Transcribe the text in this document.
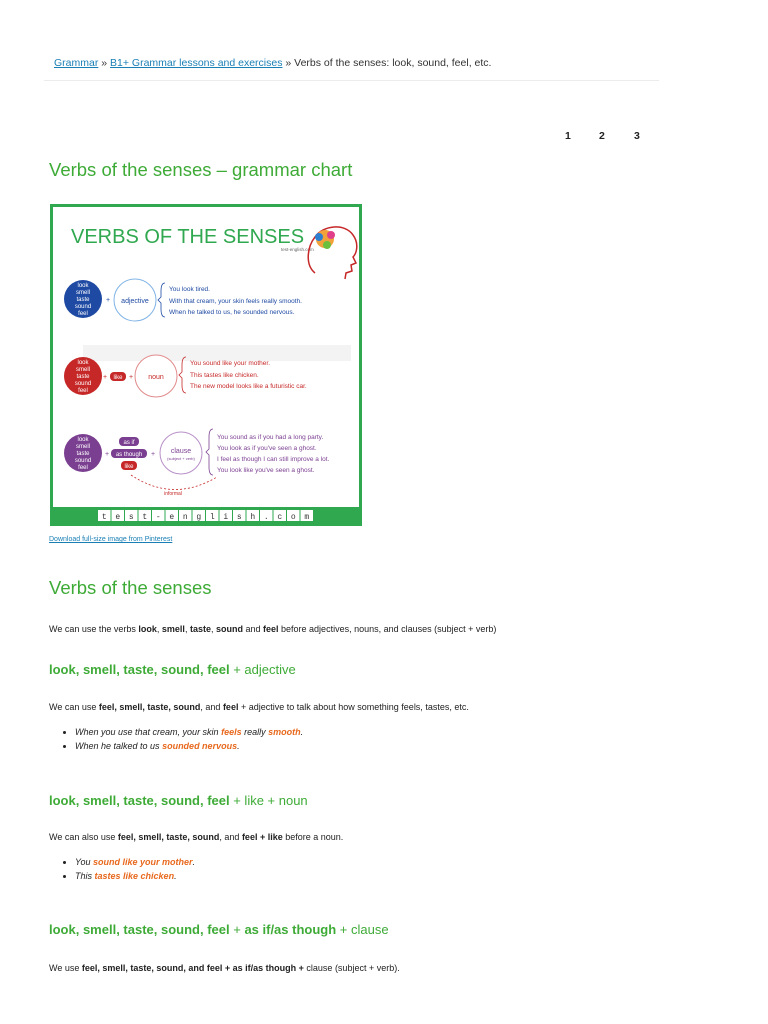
Grammar » B1+ Grammar lessons and exercises » Verbs of the senses: look, sound, feel, etc.
1	2	3
Verbs of the senses – grammar chart
VERBS OF THE SENSES
test-english.com
look
smell
taste
sound
feel
+ adjective
You look tired.
With that cream, your skin feels really smooth.
When he talked to us, he sounded nervous.
look
smell
taste
sound
feel
+ like + noun
You sound like your mother.
This tastes like chicken.
The new model looks like a futuristic car.
look
smell
taste
sound
feel
+
as if
as though
like
+ clause
(subject + verb)
You sound as if you had a long party.
You look as if you've seen a ghost.
I feel as though I can still improve a lot.
You look like you've seen a ghost.
informal
t e s t - e n g l i s h . c o m
Download full-size image from Pinterest
Verbs of the senses

We can use the verbs look, smell, taste, sound and feel before adjectives, nouns, and clauses (subject + verb)

look, smell, taste, sound, feel + adjective

We can use feel, smell, taste, sound, and feel + adjective to talk about how something feels, tastes, etc.

• When you use that cream, your skin feels really smooth.
• When he talked to us sounded nervous.
look, smell, taste, sound, feel + like + noun

We can also use feel, smell, taste, sound, and feel + like before a noun.

• You sound like your mother.
• This tastes like chicken.
look, smell, taste, sound, feel + as if/as though + clause

We use feel, smell, taste, sound, and feel + as if/as though + clause (subject + verb).
